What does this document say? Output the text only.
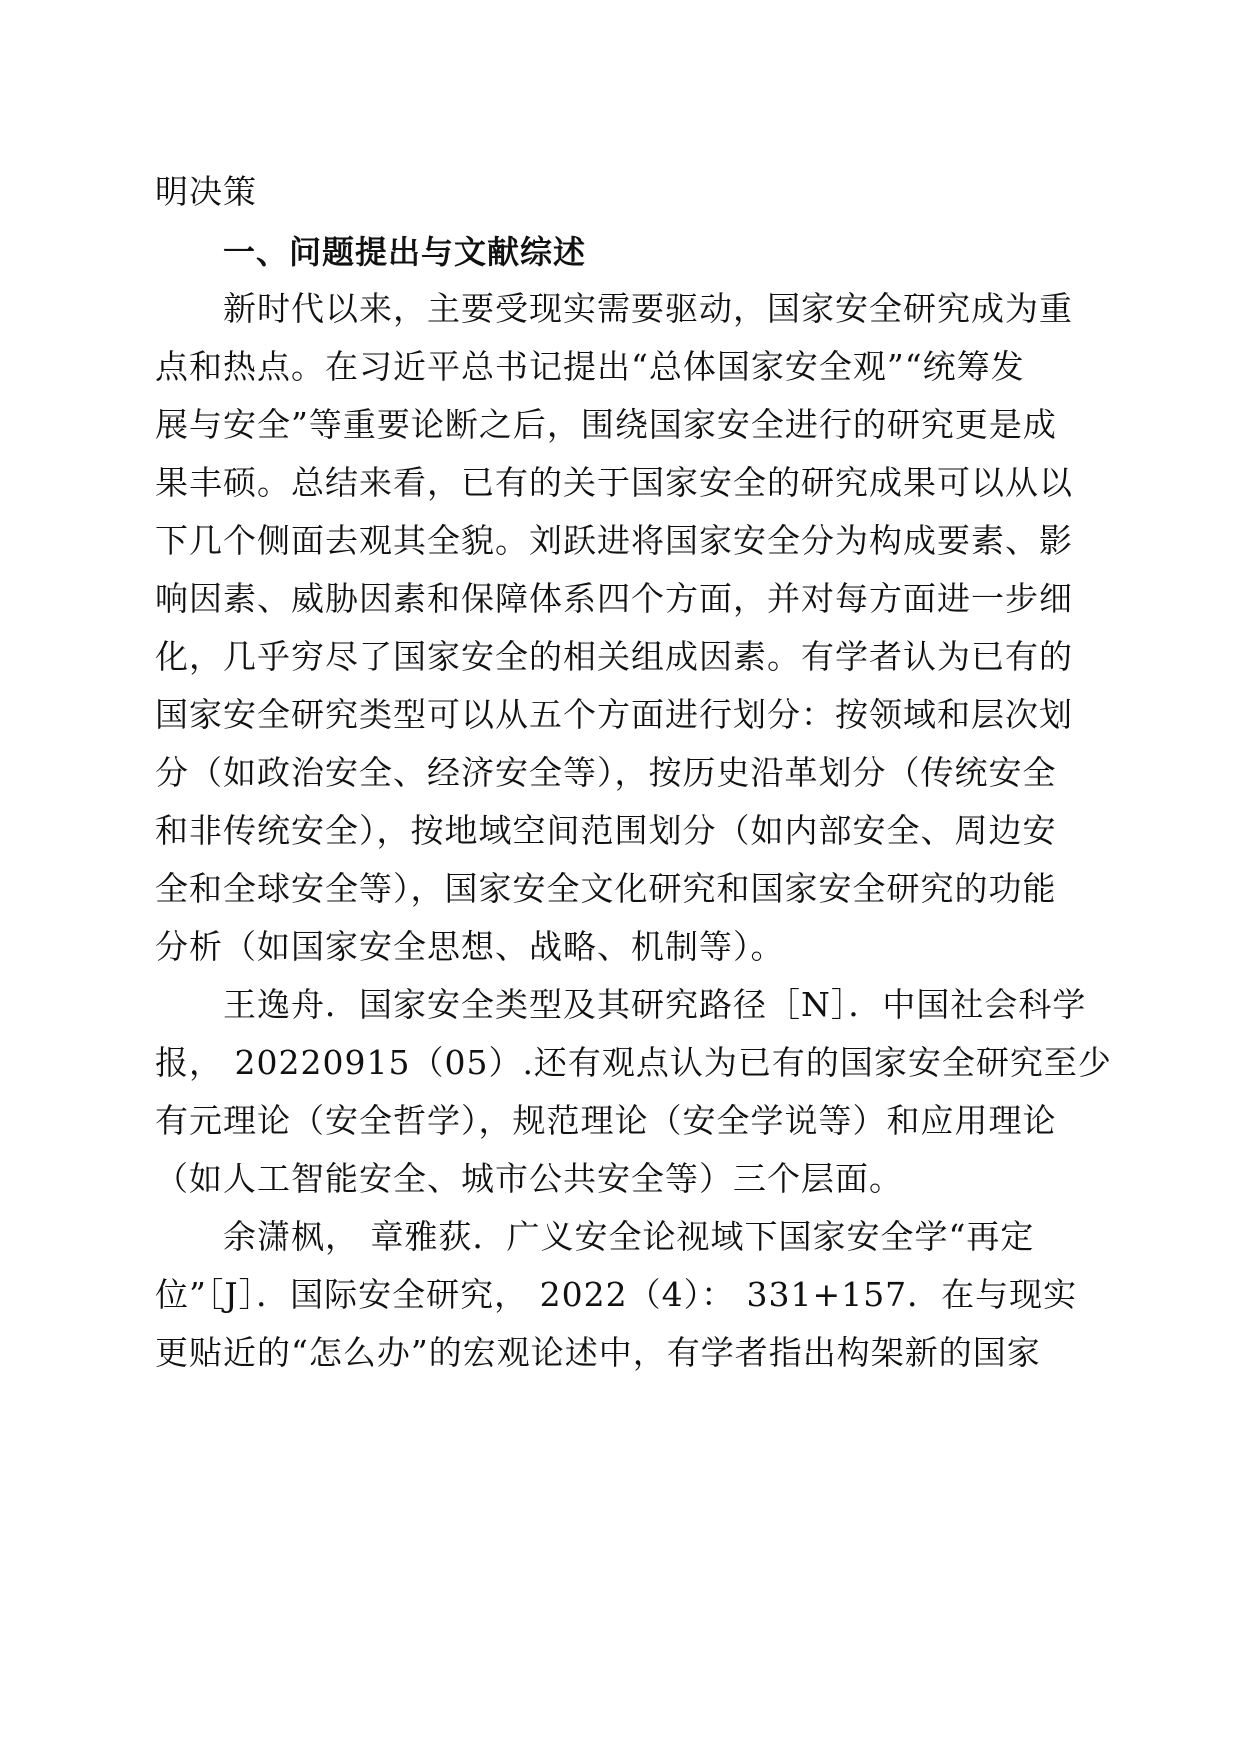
明决策
一、问题提出与文献综述
新时代以来，主要受现实需要驱动，国家安全研究成为重
点和热点。在习近平总书记提出“总体国家安全观”“统筹发
展与安全”等重要论断之后，围绕国家安全进行的研究更是成
果丰硕。总结来看，已有的关于国家安全的研究成果可以从以
下几个侧面去观其全貌。刘跃进将国家安全分为构成要素、影
响因素、威胁因素和保障体系四个方面，并对每方面进一步细
化，几乎穷尽了国家安全的相关组成因素。有学者认为已有的
国家安全研究类型可以从五个方面进行划分：按领域和层次划
分（如政治安全、经济安全等），按历史沿革划分（传统安全
和非传统安全），按地域空间范围划分（如内部安全、周边安
全和全球安全等），国家安全文化研究和国家安全研究的功能
分析（如国家安全思想、战略、机制等）。
王逸舟．国家安全类型及其研究路径［N］．中国社会科学
报， 20220915（05）.还有观点认为已有的国家安全研究至少
有元理论（安全哲学），规范理论（安全学说等）和应用理论
（如人工智能安全、城市公共安全等）三个层面。
余潇枫， 章雅荻．广义安全论视域下国家安全学“再定
位”［J］．国际安全研究， 2022（4）： 331+157．在与现实
更贴近的“怎么办”的宏观论述中，有学者指出构架新的国家
